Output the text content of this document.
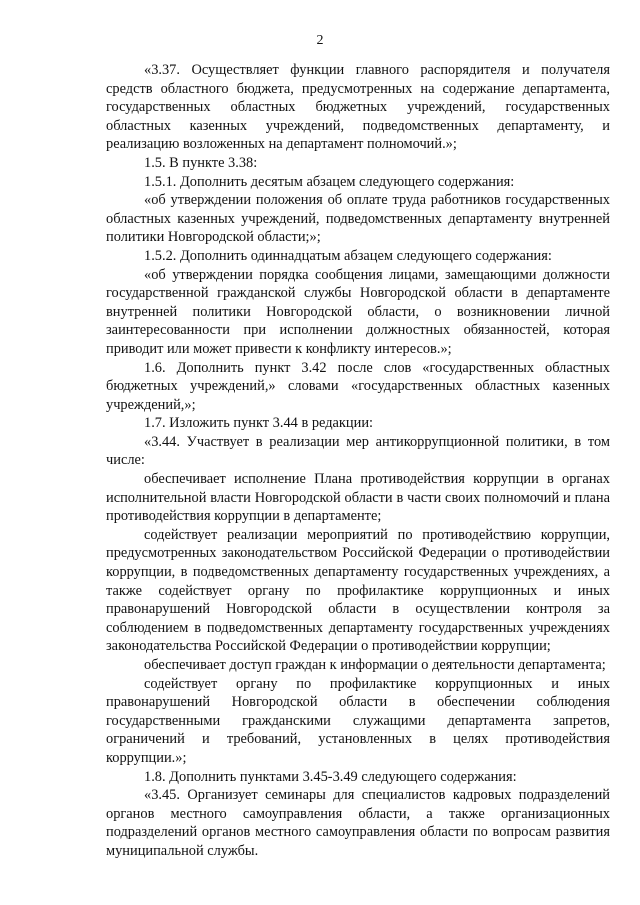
2

«3.37. Осуществляет функции главного распорядителя и получателя средств областного бюджета, предусмотренных на содержание департамента, государственных областных бюджетных учреждений, государственных областных казенных учреждений, подведомственных департаменту, и реализацию возложенных на департамент полномочий.»;

1.5. В пункте 3.38:

1.5.1. Дополнить десятым абзацем следующего содержания:

«об утверждении положения об оплате труда работников государственных областных казенных учреждений, подведомственных департаменту внутренней политики Новгородской области;»;

1.5.2. Дополнить одиннадцатым абзацем следующего содержания:

«об утверждении порядка сообщения лицами, замещающими должности государственной гражданской службы Новгородской области в департаменте внутренней политики Новгородской области, о возникновении личной заинтересованности при исполнении должностных обязанностей, которая приводит или может привести к конфликту интересов.»;

1.6. Дополнить пункт 3.42 после слов «государственных областных бюджетных учреждений,» словами «государственных областных казенных учреждений,»;

1.7. Изложить пункт 3.44 в редакции:

«3.44. Участвует в реализации мер антикоррупционной политики, в том числе:

обеспечивает исполнение Плана противодействия коррупции в органах исполнительной власти Новгородской области в части своих полномочий и плана противодействия коррупции в департаменте;

содействует реализации мероприятий по противодействию коррупции, предусмотренных законодательством Российской Федерации о противодействии коррупции, в подведомственных департаменту государственных учреждениях, а также содействует органу по профилактике коррупционных и иных правонарушений Новгородской области в осуществлении контроля за соблюдением в подведомственных департаменту государственных учреждениях законодательства Российской Федерации о противодействии коррупции;

обеспечивает доступ граждан к информации о деятельности департамента;

содействует органу по профилактике коррупционных и иных правонарушений Новгородской области в обеспечении соблюдения государственными гражданскими служащими департамента запретов, ограничений и требований, установленных в целях противодействия коррупции.»;

1.8. Дополнить пунктами 3.45-3.49 следующего содержания:

«3.45. Организует семинары для специалистов кадровых подразделений органов местного самоуправления области, а также организационных подразделений органов местного самоуправления области по вопросам развития муниципальной службы.
